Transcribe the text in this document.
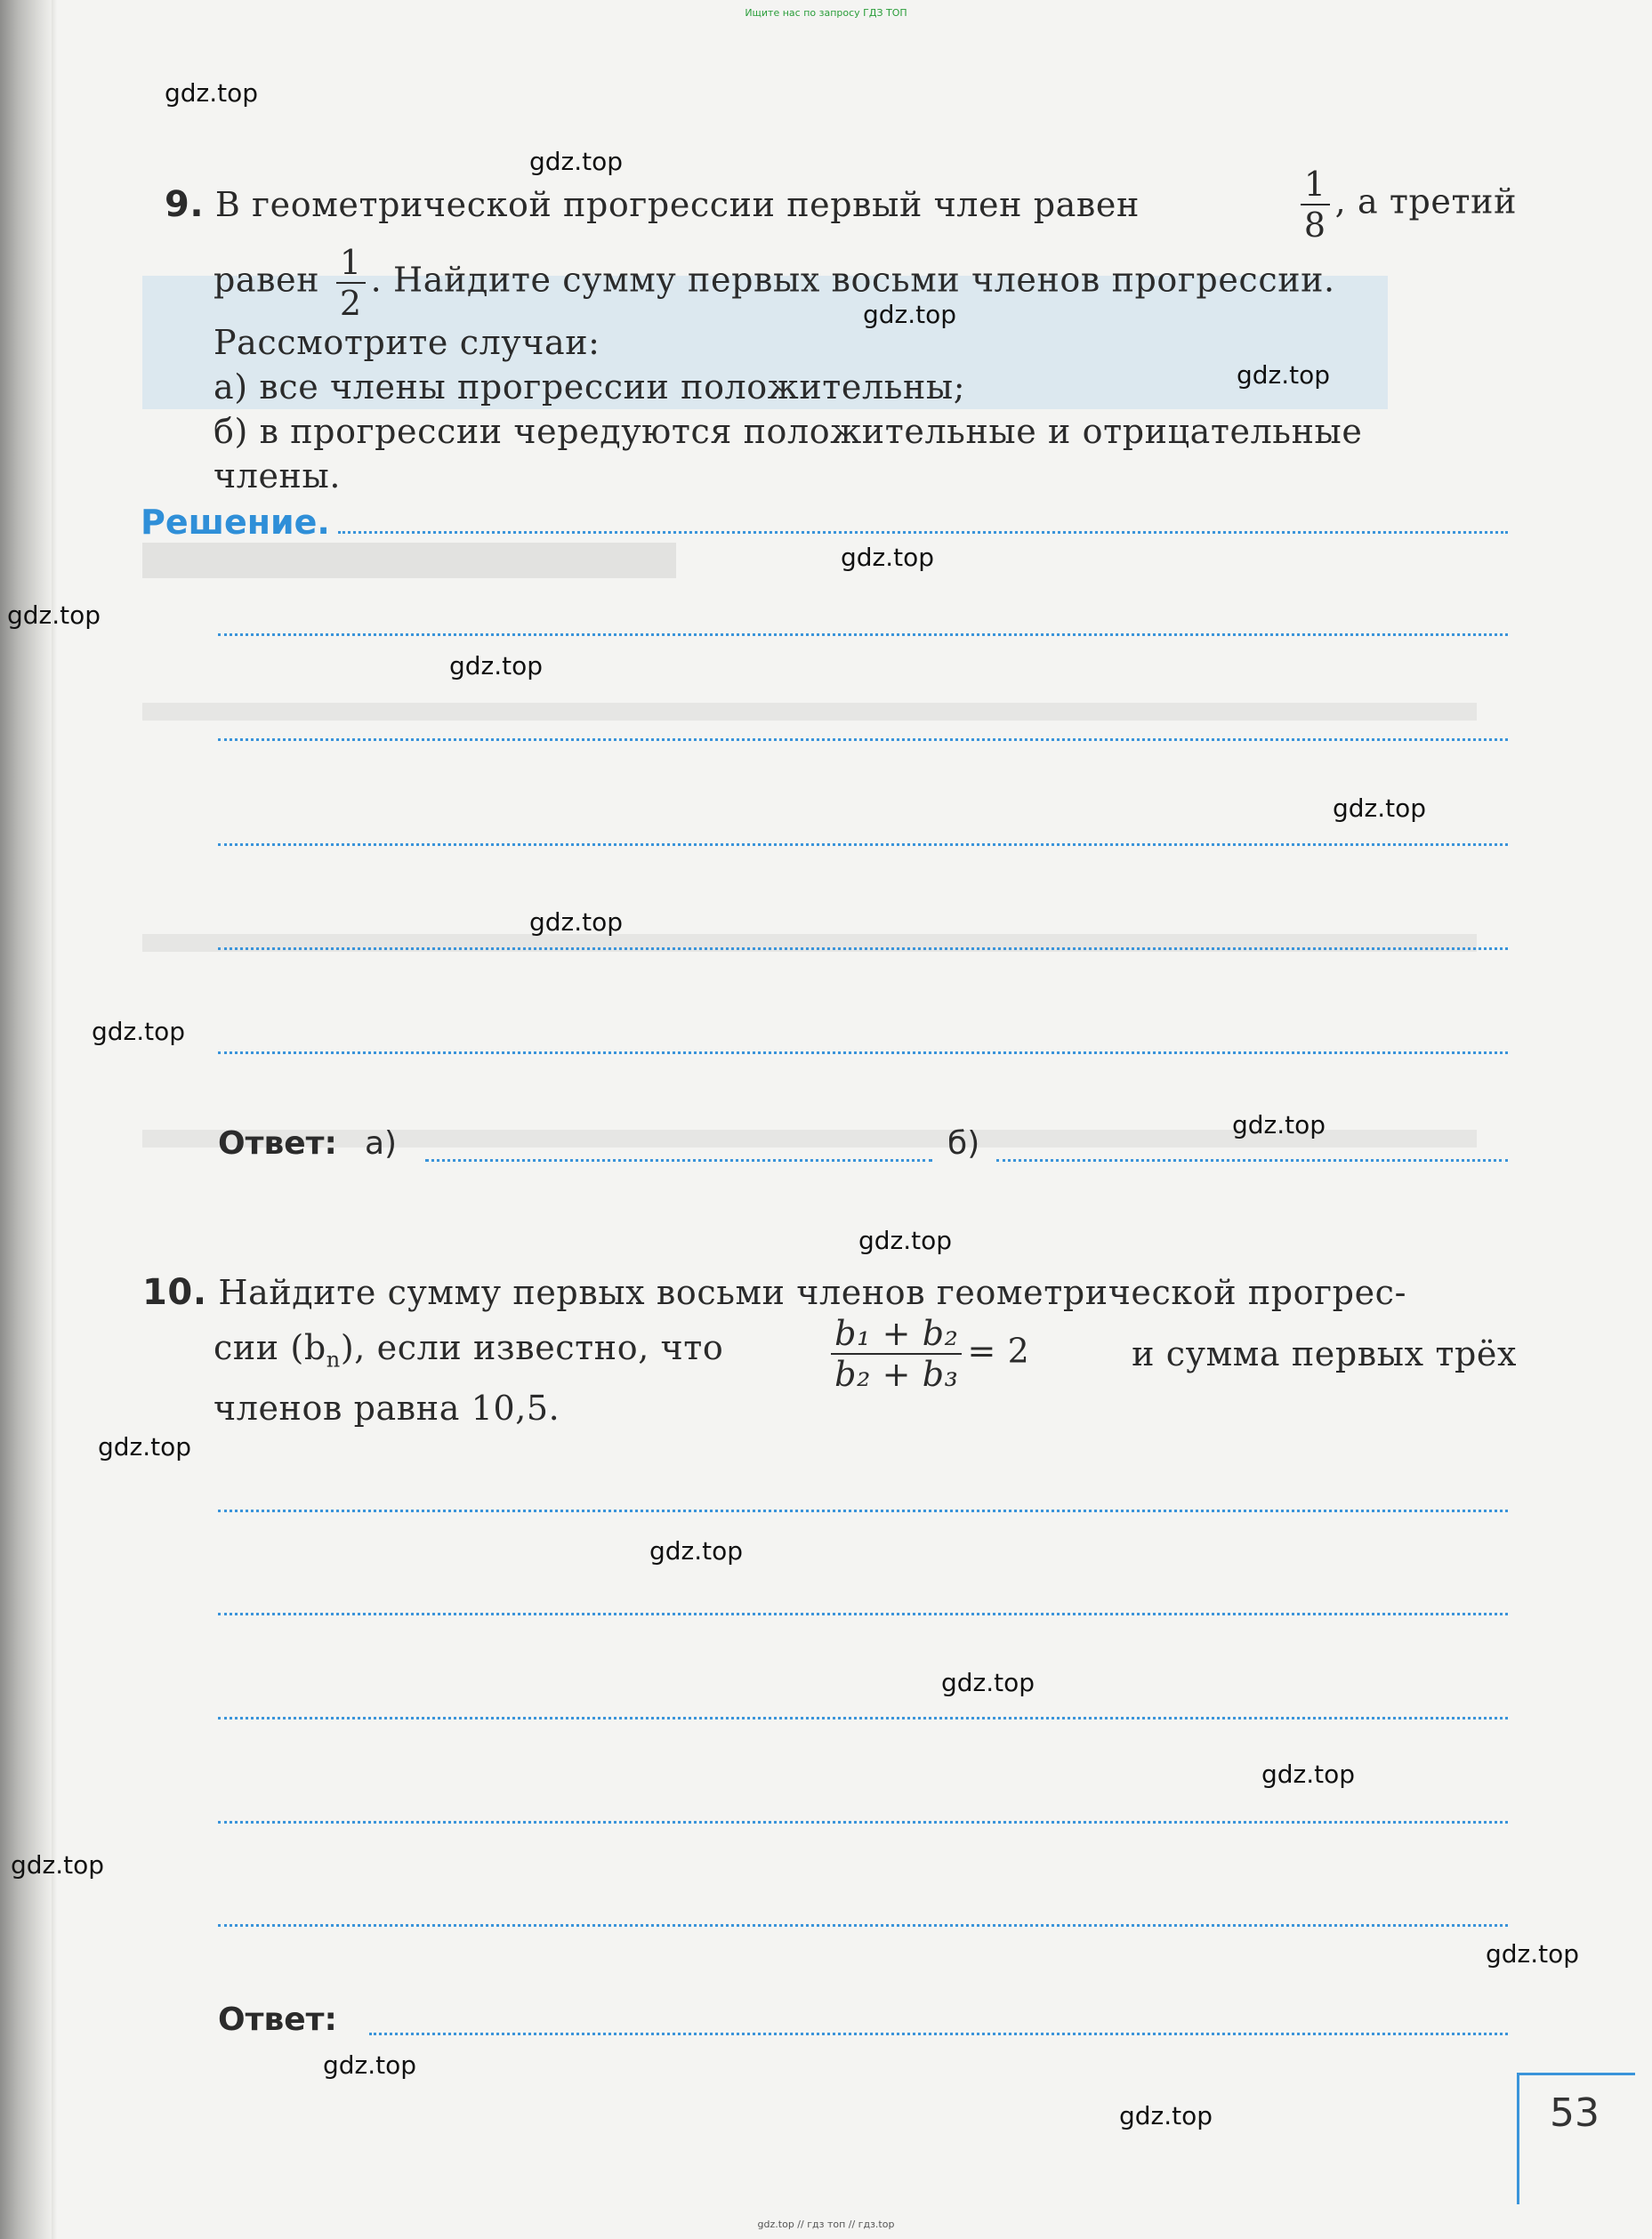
Ищите нас по запросу ГДЗ ТОП
9. В геометрической прогрессии первый член равен	$\frac{1}{8}$ , а третий
равен $\frac{1}{2}$ . Найдите сумму первых восьми членов прогрессии.
Рассмотрите случаи:
а) все члены прогрессии положительны;
б) в прогрессии чередуются положительные и отрицательные
члены.
Решение.
Ответ: а)	б)
10. Найдите сумму первых восьми членов геометрической прогрес-
сии $(b_n)$, если известно, что	$\frac{\text{b₁ + b₂}}{\text{b₂ + b₃}} = 2$	и сумма первых трёх
членов равна 10,5.
Ответ:
53
gdz.top
gdz.top
gdz.top
gdz.top
gdz.top
gdz.top
gdz.top
gdz.top
gdz.top
gdz.top
gdz.top
gdz.top
gdz.top
gdz.top
gdz.top
gdz.top
gdz.top
gdz.top
gdz.top
gdz.top
gdz.top // гдз топ // гдз.top
